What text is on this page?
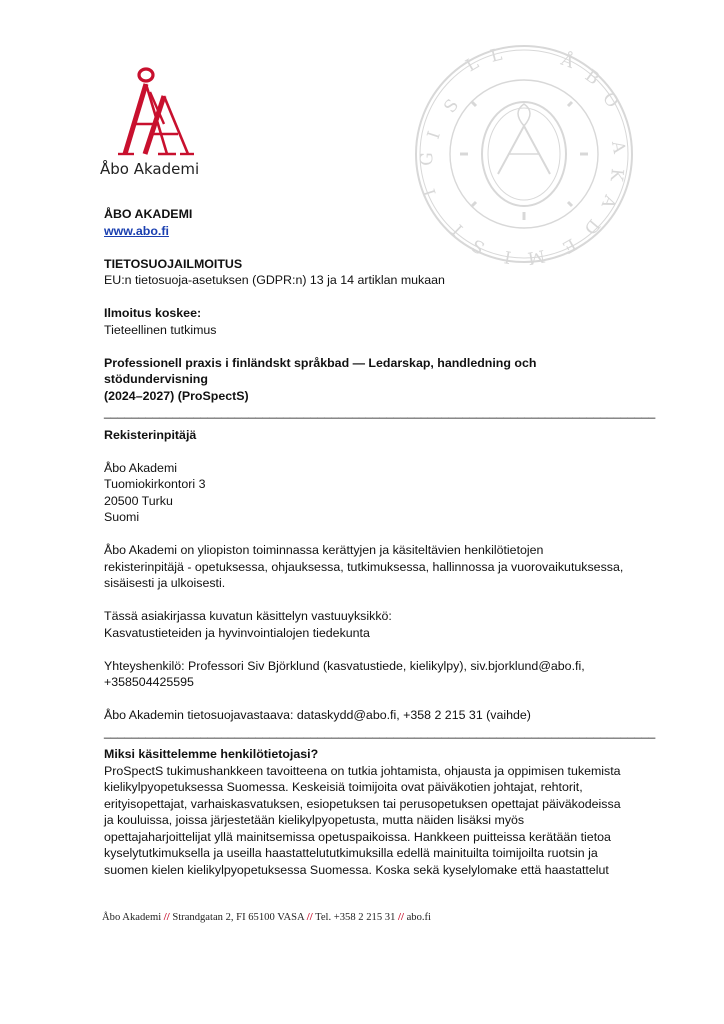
Åbo Akademi
S
I
G
I
L L	Å
B
O
A
K
A
D
E
M
I
S
I
ÅBO AKADEMI
www.abo.fi
TIETOSUOJAILMOITUS
EU:n tietosuoja-asetuksen (GDPR:n) 13 ja 14 artiklan mukaan
Ilmoitus koskee:
Tieteellinen tutkimus
Professionell praxis i finländskt språkbad — Ledarskap, handledning och stödundervisning
(2024–2027) (ProSpectS)
________________________________________________________________________________
Rekisterinpitäjä
Åbo Akademi
Tuomiokirkontori 3
20500 Turku
Suomi
Åbo Akademi on yliopiston toiminnassa kerättyjen ja käsiteltävien henkilötietojen
rekisterinpitäjä - opetuksessa, ohjauksessa, tutkimuksessa, hallinnossa ja vuorovaikutuksessa,
sisäisesti ja ulkoisesti.
Tässä asiakirjassa kuvatun käsittelyn vastuuyksikkö:
Kasvatustieteiden ja hyvinvointialojen tiedekunta
Yhteyshenkilö: Professori Siv Björklund (kasvatustiede, kielikylpy), siv.bjorklund@abo.fi,
+358504425595
Åbo Akademin tietosuojavastaava: dataskydd@abo.fi, +358 2 215 31 (vaihde)
________________________________________________________________________________
Miksi käsittelemme henkilötietojasi?
ProSpectS tukimushankkeen tavoitteena on tutkia johtamista, ohjausta ja oppimisen tukemista
kielikylpyopetuksessa Suomessa. Keskeisiä toimijoita ovat päiväkotien johtajat, rehtorit,
erityisopettajat, varhaiskasvatuksen, esiopetuksen tai perusopetuksen opettajat päiväkodeissa
ja kouluissa, joissa järjestetään kielikylpyopetusta, mutta näiden lisäksi myös
opettajaharjoittelijat yllä mainitsemissa opetuspaikoissa. Hankkeen puitteissa kerätään tietoa
kyselytutkimuksella ja useilla haastattelututkimuksilla edellä mainituilta toimijoilta ruotsin ja
suomen kielen kielikylpyopetuksessa Suomessa. Koska sekä kyselylomake että haastattelut
Åbo Akademi // Strandgatan 2, FI 65100 VASA // Tel. +358 2 215 31 // abo.fi
